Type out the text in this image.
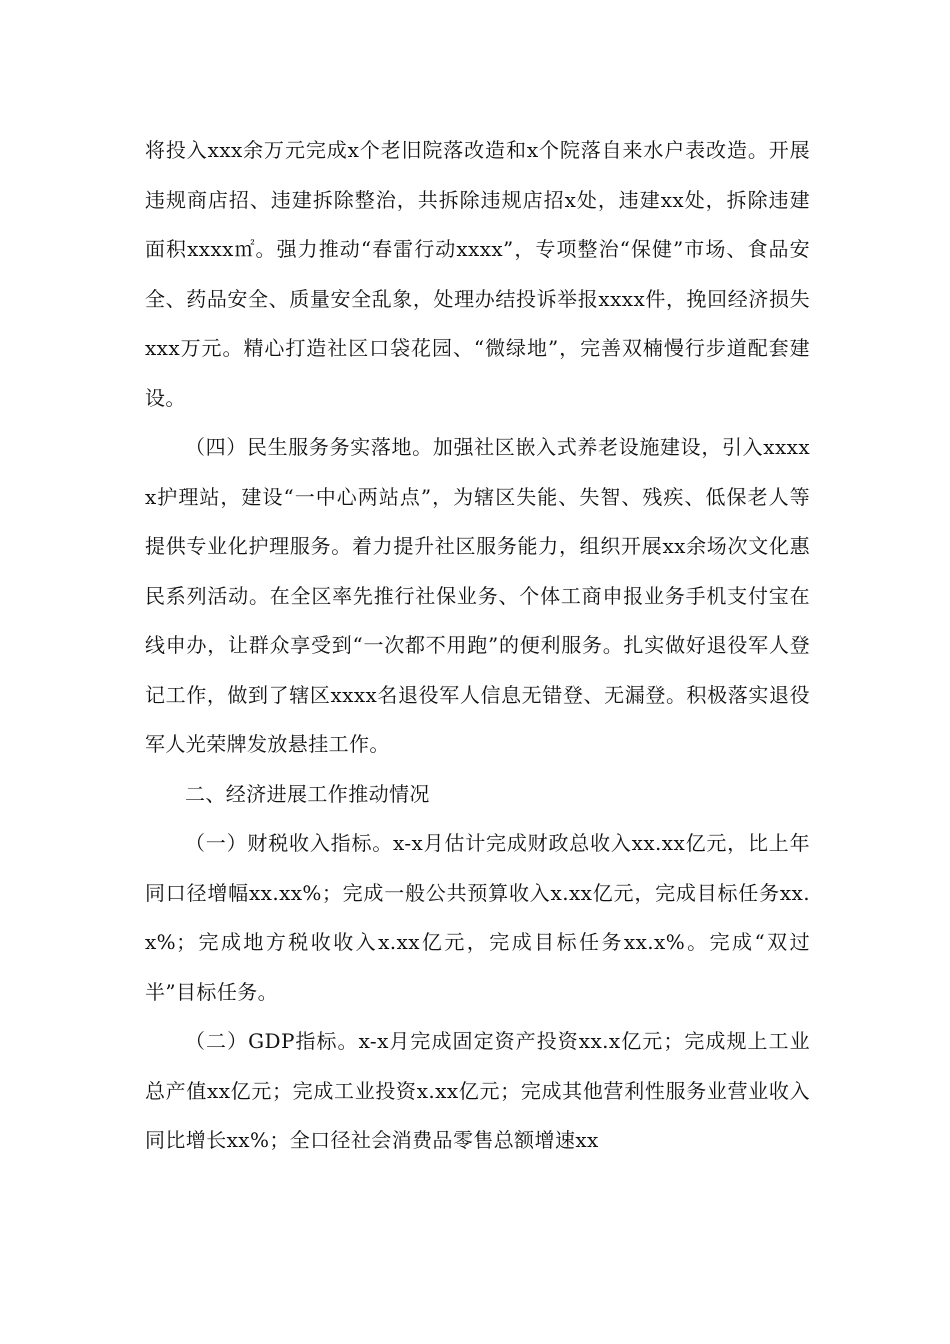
将投入xxx余万元完成x个老旧院落改造和x个院落自来水户表改造。开展违规商店招、违建拆除整治，共拆除违规店招x处，违建xx处，拆除违建面积xxxx㎡。强力推动“春雷行动xxxx”，专项整治“保健”市场、食品安全、药品安全、质量安全乱象，处理办结投诉举报xxxx件，挽回经济损失xxx万元。精心打造社区口袋花园、“微绿地”，完善双楠慢行步道配套建设。

（四）民生服务务实落地。加强社区嵌入式养老设施建设，引入xxxxx护理站，建设“一中心两站点”，为辖区失能、失智、残疾、低保老人等提供专业化护理服务。着力提升社区服务能力，组织开展xx余场次文化惠民系列活动。在全区率先推行社保业务、个体工商申报业务手机支付宝在线申办，让群众享受到“一次都不用跑”的便利服务。扎实做好退役军人登记工作，做到了辖区xxxx名退役军人信息无错登、无漏登。积极落实退役军人光荣牌发放悬挂工作。

二、经济进展工作推动情况

（一）财税收入指标。x-x月估计完成财政总收入xx.xx亿元，比上年同口径增幅xx.xx%；完成一般公共预算收入x.xx亿元，完成目标任务xx.x%；完成地方税收收入x.xx亿元，完成目标任务xx.x%。完成“双过半”目标任务。

（二）GDP指标。x-x月完成固定资产投资xx.x亿元；完成规上工业总产值xx亿元；完成工业投资x.xx亿元；完成其他营利性服务业营业收入同比增长xx%；全口径社会消费品零售总额增速xx
